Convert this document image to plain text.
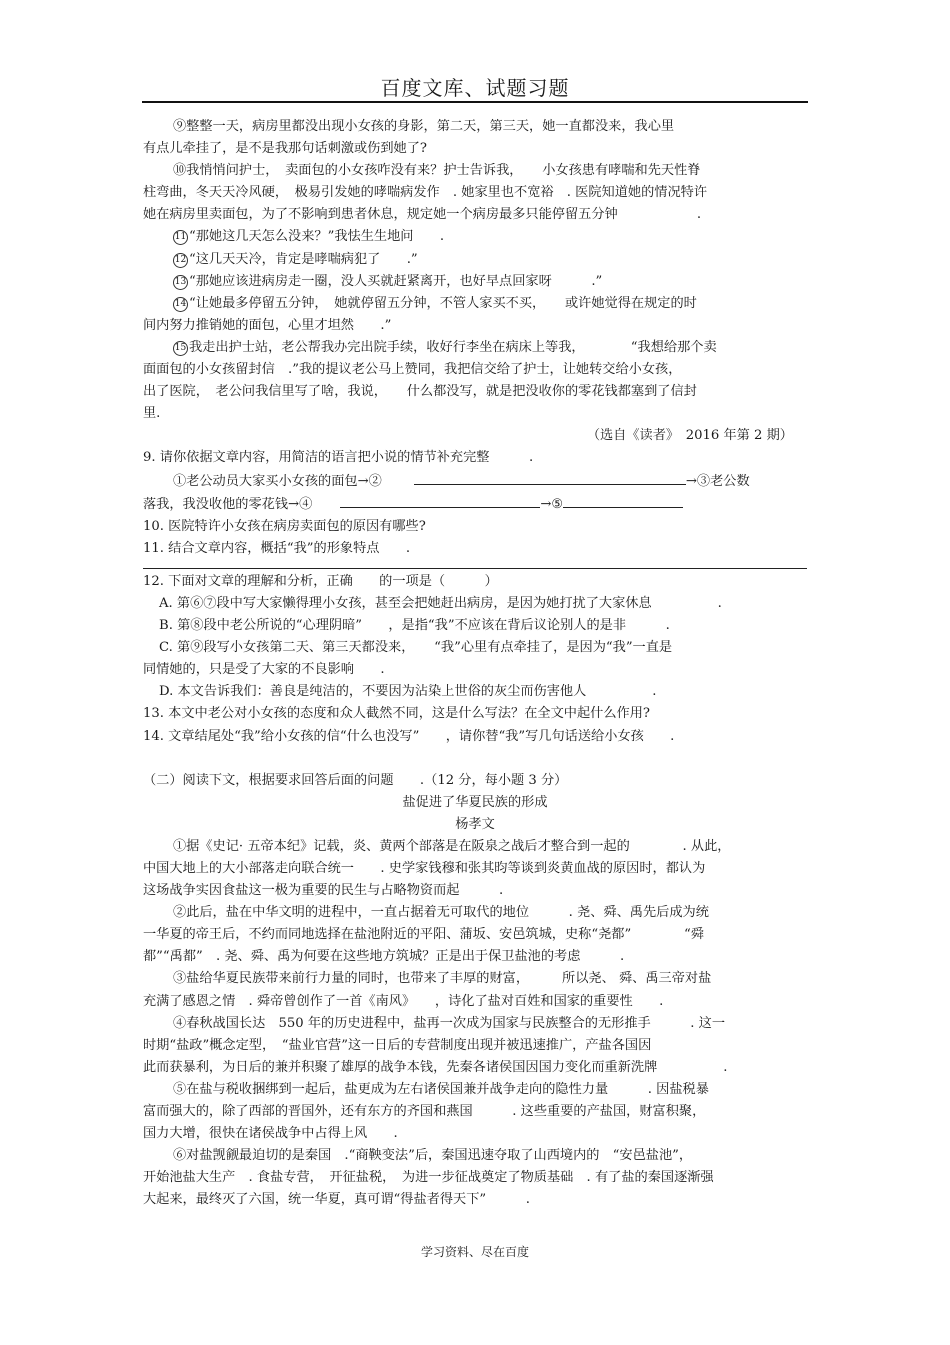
百度文库、试题习题

⑨整整一天，病房里都没出现小女孩的身影，第二天，第三天，她一直都没来，我心里

有点儿牵挂了，是不是我那句话刺激或伤到她了?

⑩我悄悄问护士，　卖面包的小女孩咋没有来？护士告诉我，　　小女孩患有哮喘和先天性脊

柱弯曲，冬天天冷风硬，　极易引发她的哮喘病发作　. 她家里也不宽裕　. 医院知道她的情况特许

她在病房里卖面包，为了不影响到患者休息，规定她一个病房最多只能停留五分钟　　　　　　.

11 “那她这几天怎么没来？”我怯生生地问　　.

12 “这几天天冷，肯定是哮喘病犯了　　.”

13 “那她应该进病房走一圈，没人买就赶紧离开，也好早点回家呀　　　.”

14 “让她最多停留五分钟，　她就停留五分钟，不管人家买不买，　　或许她觉得在规定的时

间内努力推销她的面包，心里才坦然　　.”

15 我走出护士站，老公帮我办完出院手续，收好行李坐在病床上等我，　　　　“我想给那个卖

面面包的小女孩留封信　.”我的提议老公马上赞同，我把信交给了护士，让她转交给小女孩，

出了医院，　老公问我信里写了啥，我说，　　什么都没写，就是把没收你的零花钱都塞到了信封

里.

（选自《读者》　2016 年第 2 期）

9. 请你依据文章内容，用简洁的语言把小说的情节补充完整　　　.

①老公动员大家买小女孩的面包→②	→③老公数

落我，我没收他的零花钱→④	→⑤

10. 医院特许小女孩在病房卖面包的原因有哪些?

11. 结合文章内容，概括“我”的形象特点　　.

12. 下面对文章的理解和分析，正确　　的一项是（　　　）

A. 第⑥⑦段中写大家懒得理小女孩，甚至会把她赶出病房，是因为她打扰了大家休息　　　　　.

B. 第⑧段中老公所说的“心理阴暗”　　，是指“我”不应该在背后议论别人的是非　　　.

C. 第⑨段写小女孩第二天、第三天都没来，　　“我”心里有点牵挂了，是因为“我”一直是

同情她的，只是受了大家的不良影响　　.

D. 本文告诉我们：善良是纯洁的，不要因为沾染上世俗的灰尘而伤害他人　　　　　.

13. 本文中老公对小女孩的态度和众人截然不同，这是什么写法？在全文中起什么作用?

14. 文章结尾处“我”给小女孩的信“什么也没写”　　，请你替“我”写几句话送给小女孩　　.

（二）阅读下文，根据要求回答后面的问题　　.（12 分，每小题 3 分）

盐促进了华夏民族的形成

杨孝文

①据《史记· 五帝本纪》记载，炎、黄两个部落是在阪泉之战后才整合到一起的　　　　. 从此，

中国大地上的大小部落走向联合统一　　. 史学家钱穆和张其昀等谈到炎黄血战的原因时，都认为

这场战争实因食盐这一极为重要的民生与占略物资而起　　　.

②此后，盐在中华文明的进程中，一直占据着无可取代的地位　　　. 尧、舜、禹先后成为统

一华夏的帝王后，不约而同地选择在盐池附近的平阳、蒲坂、安邑筑城，史称“尧都”　　　　“舜

都”“禹都”　. 尧、舜、禹为何要在这些地方筑城？正是出于保卫盐池的考虑　　　.

③盐给华夏民族带来前行力量的同时，也带来了丰厚的财富，　　　所以尧、 舜、禹三帝对盐

充满了感恩之情　. 舜帝曾创作了一首《南风》　　，诗化了盐对百姓和国家的重要性　　.

④春秋战国长达　550 年的历史进程中，盐再一次成为国家与民族整合的无形推手　　　. 这一

时期“盐政”概念定型，　“盐业官营”这一日后的专营制度出现并被迅速推广，产盐各国因

此而获暴利，为日后的兼并积聚了雄厚的战争本钱，先秦各诸侯国因国力变化而重新洗牌　　　　　.

⑤在盐与税收捆绑到一起后，盐更成为左右诸侯国兼并战争走向的隐性力量　　　. 因盐税暴

富而强大的，除了西部的晋国外，还有东方的齐国和燕国　　　. 这些重要的产盐国，财富积聚，

国力大增，很快在诸侯战争中占得上风　　.

⑥对盐觊觎最迫切的是秦国　.“商鞅变法”后，秦国迅速夺取了山西境内的　“安邑盐池”，

开始池盐大生产　. 食盐专营，　开征盐税，　为进一步征战奠定了物质基础　. 有了盐的秦国逐渐强

大起来，最终灭了六国，统一华夏，真可谓“得盐者得天下”　　　.

学习资料、尽在百度
